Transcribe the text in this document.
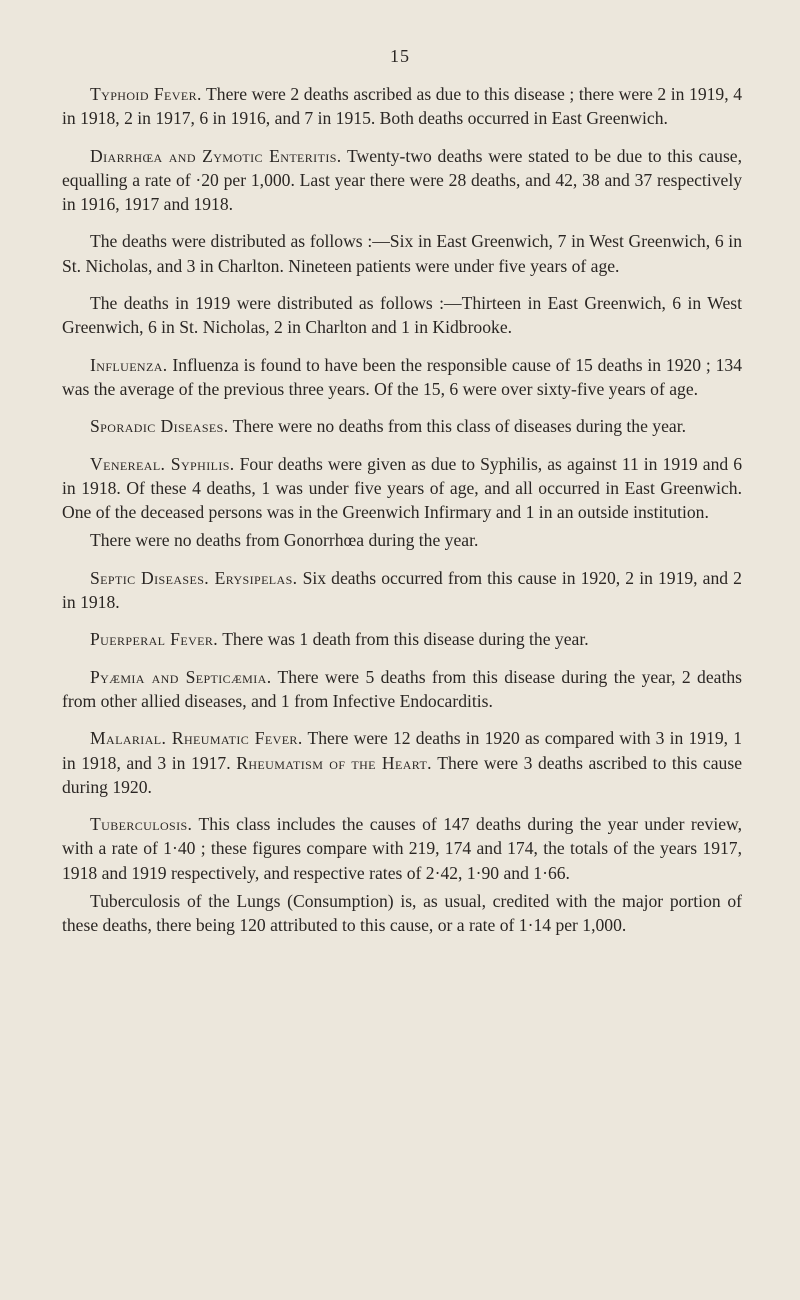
15

Typhoid Fever. There were 2 deaths ascribed as due to this disease ; there were 2 in 1919, 4 in 1918, 2 in 1917, 6 in 1916, and 7 in 1915. Both deaths occurred in East Greenwich.

Diarrhœa and Zymotic Enteritis. Twenty-two deaths were stated to be due to this cause, equalling a rate of ·20 per 1,000. Last year there were 28 deaths, and 42, 38 and 37 respectively in 1916, 1917 and 1918.

The deaths were distributed as follows :—Six in East Greenwich, 7 in West Greenwich, 6 in St. Nicholas, and 3 in Charlton. Nineteen patients were under five years of age.

The deaths in 1919 were distributed as follows :—Thirteen in East Greenwich, 6 in West Greenwich, 6 in St. Nicholas, 2 in Charlton and 1 in Kidbrooke.

Influenza. Influenza is found to have been the responsible cause of 15 deaths in 1920 ; 134 was the average of the previous three years. Of the 15, 6 were over sixty-five years of age.

Sporadic Diseases. There were no deaths from this class of diseases during the year.

Venereal. Syphilis. Four deaths were given as due to Syphilis, as against 11 in 1919 and 6 in 1918. Of these 4 deaths, 1 was under five years of age, and all occurred in East Greenwich. One of the deceased persons was in the Greenwich Infirmary and 1 in an outside institution.

There were no deaths from Gonorrhœa during the year.

Septic Diseases. Erysipelas. Six deaths occurred from this cause in 1920, 2 in 1919, and 2 in 1918.

Puerperal Fever. There was 1 death from this disease during the year.

Pyæmia and Septicæmia. There were 5 deaths from this disease during the year, 2 deaths from other allied diseases, and 1 from Infective Endocarditis.

Malarial. Rheumatic Fever. There were 12 deaths in 1920 as compared with 3 in 1919, 1 in 1918, and 3 in 1917. Rheumatism of the Heart. There were 3 deaths ascribed to this cause during 1920.

Tuberculosis. This class includes the causes of 147 deaths during the year under review, with a rate of 1·40 ; these figures compare with 219, 174 and 174, the totals of the years 1917, 1918 and 1919 respectively, and respective rates of 2·42, 1·90 and 1·66.

Tuberculosis of the Lungs (Consumption) is, as usual, credited with the major portion of these deaths, there being 120 attributed to this cause, or a rate of 1·14 per 1,000.
